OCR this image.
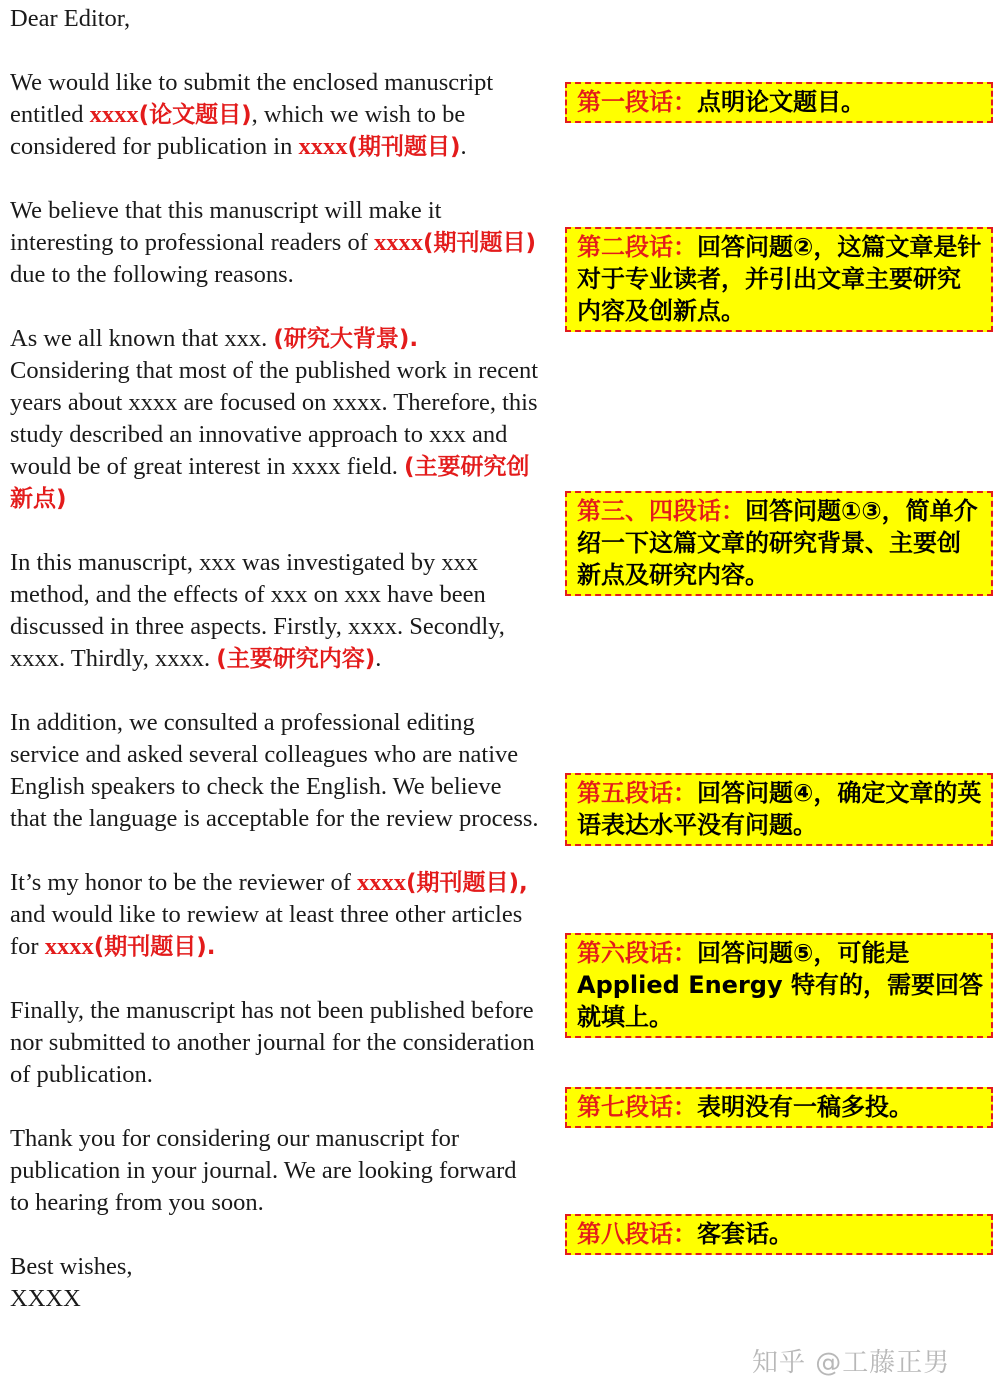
Dear Editor,

We would like to submit the enclosed manuscript entitled xxxx(论文题目), which we wish to be considered for publication in xxxx(期刊题目).

We believe that this manuscript will make it interesting to professional readers of xxxx(期刊题目) due to the following reasons.

As we all known that xxx. (研究大背景). Considering that most of the published work in recent years about xxxx are focused on xxxx. Therefore, this study described an innovative approach to xxx and would be of great interest in xxxx field. (主要研究创新点)

In this manuscript, xxx was investigated by xxx method, and the effects of xxx on xxx have been discussed in three aspects. Firstly, xxxx. Secondly, xxxx. Thirdly, xxxx. (主要研究内容).

In addition, we consulted a professional editing service and asked several colleagues who are native English speakers to check the English. We believe that the language is acceptable for the review process.

It’s my honor to be the reviewer of xxxx(期刊题目), and would like to rewiew at least three other articles for xxxx(期刊题目).

Finally, the manuscript has not been published before nor submitted to another journal for the consideration of publication.

Thank you for considering our manuscript for publication in your journal. We are looking forward to hearing from you soon.

Best wishes,

XXXX

第一段话：点明论文题目。
第二段话：回答问题②，这篇文章是针对于专业读者，并引出文章主要研究内容及创新点。
第三、四段话：回答问题①③，简单介绍一下这篇文章的研究背景、主要创新点及研究内容。
第五段话：回答问题④，确定文章的英语表达水平没有问题。
第六段话：回答问题⑤，可能是Applied Energy 特有的，需要回答就填上。
第七段话：表明没有一稿多投。
第八段话：客套话。
知乎 @工藤正男
